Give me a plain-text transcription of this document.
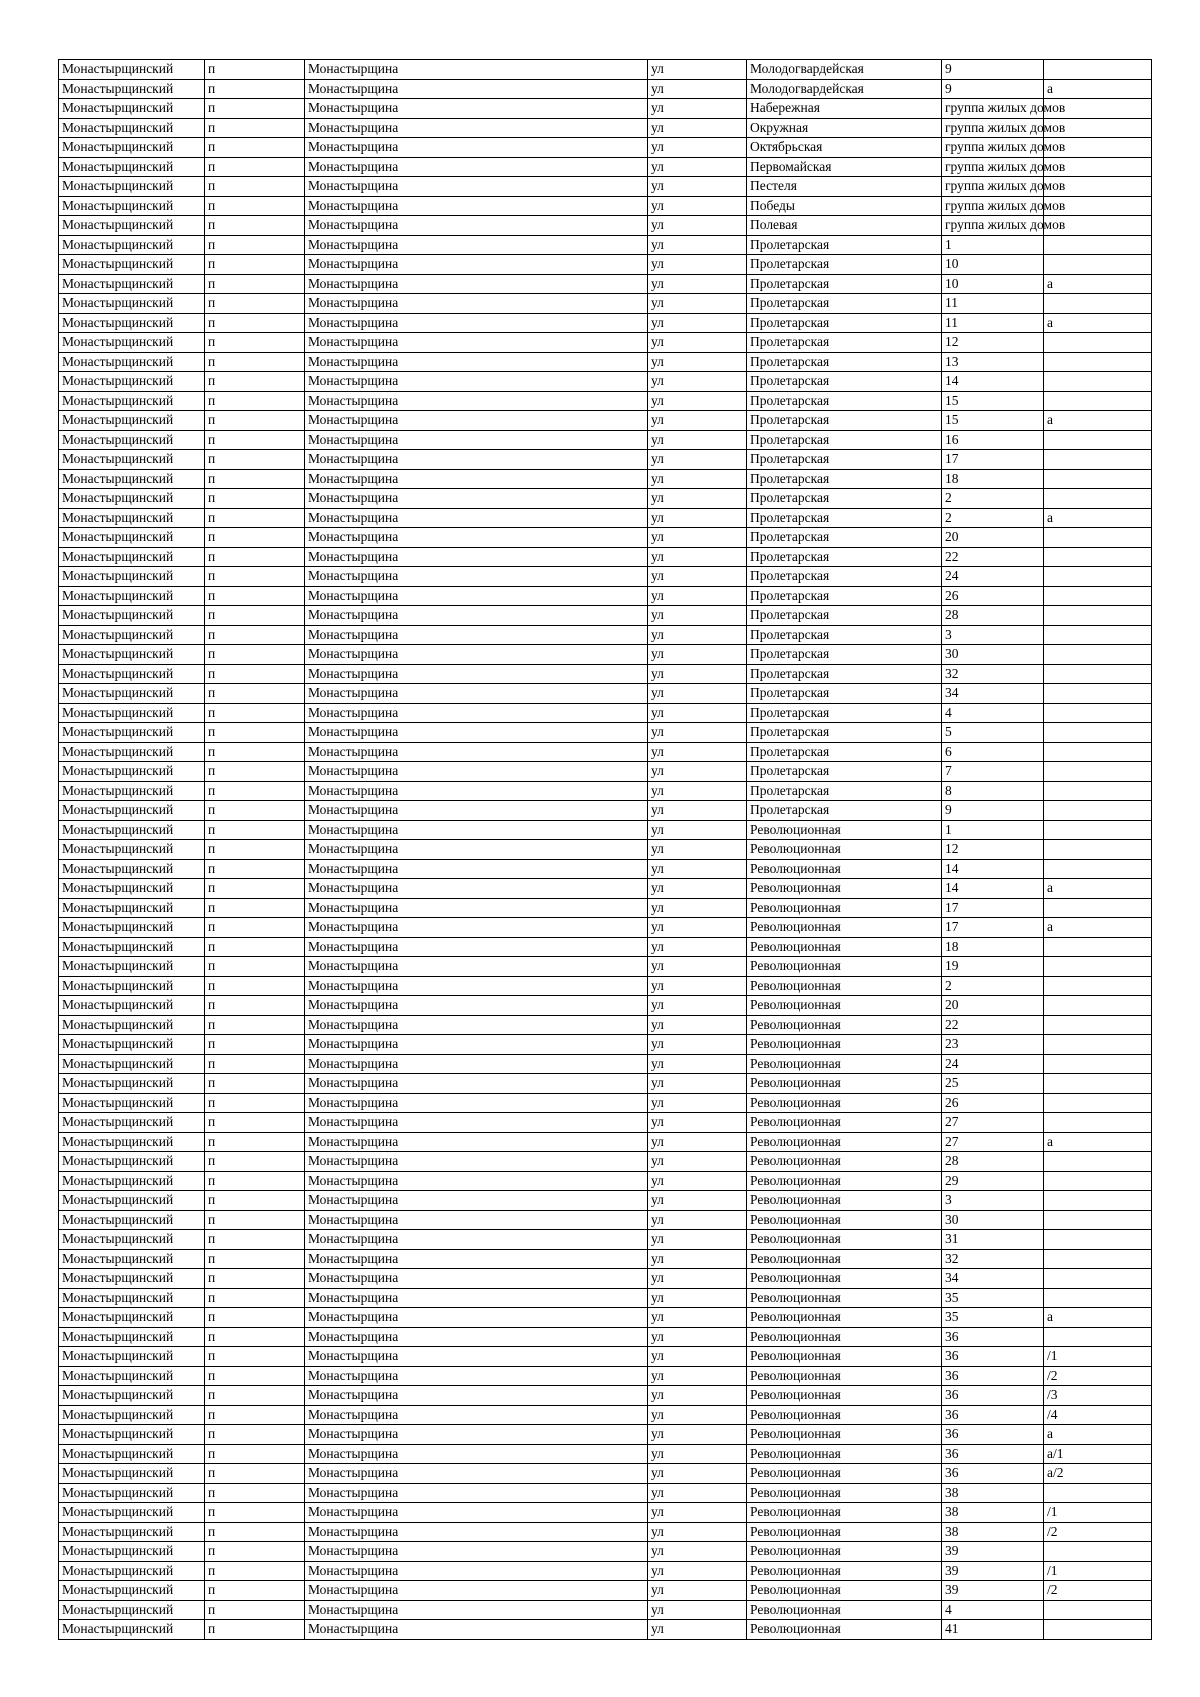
Монастырщинский	п	Монастырщина	ул	Молодогвардейская	9	
Монастырщинский	п	Монастырщина	ул	Молодогвардейская	9	а
Монастырщинский	п	Монастырщина	ул	Набережная	группа жилых домов	
Монастырщинский	п	Монастырщина	ул	Окружная	группа жилых домов	
Монастырщинский	п	Монастырщина	ул	Октябрьская	группа жилых домов	
Монастырщинский	п	Монастырщина	ул	Первомайская	группа жилых домов	
Монастырщинский	п	Монастырщина	ул	Пестеля	группа жилых домов	
Монастырщинский	п	Монастырщина	ул	Победы	группа жилых домов	
Монастырщинский	п	Монастырщина	ул	Полевая	группа жилых домов	
Монастырщинский	п	Монастырщина	ул	Пролетарская	1	
Монастырщинский	п	Монастырщина	ул	Пролетарская	10	
Монастырщинский	п	Монастырщина	ул	Пролетарская	10	а
Монастырщинский	п	Монастырщина	ул	Пролетарская	11	
Монастырщинский	п	Монастырщина	ул	Пролетарская	11	а
Монастырщинский	п	Монастырщина	ул	Пролетарская	12	
Монастырщинский	п	Монастырщина	ул	Пролетарская	13	
Монастырщинский	п	Монастырщина	ул	Пролетарская	14	
Монастырщинский	п	Монастырщина	ул	Пролетарская	15	
Монастырщинский	п	Монастырщина	ул	Пролетарская	15	а
Монастырщинский	п	Монастырщина	ул	Пролетарская	16	
Монастырщинский	п	Монастырщина	ул	Пролетарская	17	
Монастырщинский	п	Монастырщина	ул	Пролетарская	18	
Монастырщинский	п	Монастырщина	ул	Пролетарская	2	
Монастырщинский	п	Монастырщина	ул	Пролетарская	2	а
Монастырщинский	п	Монастырщина	ул	Пролетарская	20	
Монастырщинский	п	Монастырщина	ул	Пролетарская	22	
Монастырщинский	п	Монастырщина	ул	Пролетарская	24	
Монастырщинский	п	Монастырщина	ул	Пролетарская	26	
Монастырщинский	п	Монастырщина	ул	Пролетарская	28	
Монастырщинский	п	Монастырщина	ул	Пролетарская	3	
Монастырщинский	п	Монастырщина	ул	Пролетарская	30	
Монастырщинский	п	Монастырщина	ул	Пролетарская	32	
Монастырщинский	п	Монастырщина	ул	Пролетарская	34	
Монастырщинский	п	Монастырщина	ул	Пролетарская	4	
Монастырщинский	п	Монастырщина	ул	Пролетарская	5	
Монастырщинский	п	Монастырщина	ул	Пролетарская	6	
Монастырщинский	п	Монастырщина	ул	Пролетарская	7	
Монастырщинский	п	Монастырщина	ул	Пролетарская	8	
Монастырщинский	п	Монастырщина	ул	Пролетарская	9	
Монастырщинский	п	Монастырщина	ул	Революционная	1	
Монастырщинский	п	Монастырщина	ул	Революционная	12	
Монастырщинский	п	Монастырщина	ул	Революционная	14	
Монастырщинский	п	Монастырщина	ул	Революционная	14	а
Монастырщинский	п	Монастырщина	ул	Революционная	17	
Монастырщинский	п	Монастырщина	ул	Революционная	17	а
Монастырщинский	п	Монастырщина	ул	Революционная	18	
Монастырщинский	п	Монастырщина	ул	Революционная	19	
Монастырщинский	п	Монастырщина	ул	Революционная	2	
Монастырщинский	п	Монастырщина	ул	Революционная	20	
Монастырщинский	п	Монастырщина	ул	Революционная	22	
Монастырщинский	п	Монастырщина	ул	Революционная	23	
Монастырщинский	п	Монастырщина	ул	Революционная	24	
Монастырщинский	п	Монастырщина	ул	Революционная	25	
Монастырщинский	п	Монастырщина	ул	Революционная	26	
Монастырщинский	п	Монастырщина	ул	Революционная	27	
Монастырщинский	п	Монастырщина	ул	Революционная	27	а
Монастырщинский	п	Монастырщина	ул	Революционная	28	
Монастырщинский	п	Монастырщина	ул	Революционная	29	
Монастырщинский	п	Монастырщина	ул	Революционная	3	
Монастырщинский	п	Монастырщина	ул	Революционная	30	
Монастырщинский	п	Монастырщина	ул	Революционная	31	
Монастырщинский	п	Монастырщина	ул	Революционная	32	
Монастырщинский	п	Монастырщина	ул	Революционная	34	
Монастырщинский	п	Монастырщина	ул	Революционная	35	
Монастырщинский	п	Монастырщина	ул	Революционная	35	а
Монастырщинский	п	Монастырщина	ул	Революционная	36	
Монастырщинский	п	Монастырщина	ул	Революционная	36	/1
Монастырщинский	п	Монастырщина	ул	Революционная	36	/2
Монастырщинский	п	Монастырщина	ул	Революционная	36	/3
Монастырщинский	п	Монастырщина	ул	Революционная	36	/4
Монастырщинский	п	Монастырщина	ул	Революционная	36	а
Монастырщинский	п	Монастырщина	ул	Революционная	36	а/1
Монастырщинский	п	Монастырщина	ул	Революционная	36	а/2
Монастырщинский	п	Монастырщина	ул	Революционная	38	
Монастырщинский	п	Монастырщина	ул	Революционная	38	/1
Монастырщинский	п	Монастырщина	ул	Революционная	38	/2
Монастырщинский	п	Монастырщина	ул	Революционная	39	
Монастырщинский	п	Монастырщина	ул	Революционная	39	/1
Монастырщинский	п	Монастырщина	ул	Революционная	39	/2
Монастырщинский	п	Монастырщина	ул	Революционная	4	
Монастырщинский	п	Монастырщина	ул	Революционная	41	
